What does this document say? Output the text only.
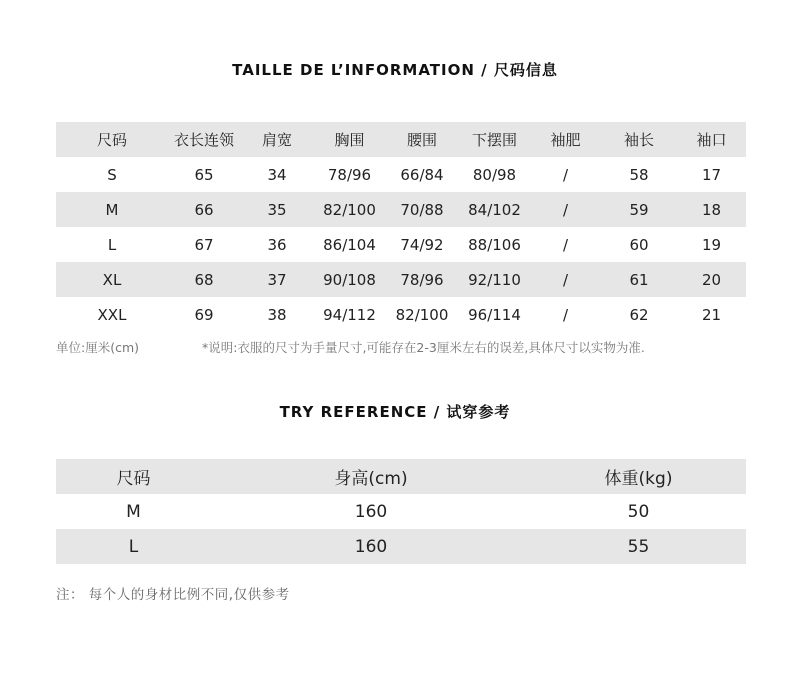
TAILLE DE L’INFORMATION / 尺码信息
尺码	衣长连领	肩宽	胸围	腰围	下摆围	袖肥	袖长	袖口
S	65	34	78/96	66/84	80/98	/	58	17
M	66	35	82/100	70/88	84/102	/	59	18
L	67	36	86/104	74/92	88/106	/	60	19
XL	68	37	90/108	78/96	92/110	/	61	20
XXL	69	38	94/112	82/100	96/114	/	62	21
单位:厘米(cm)	*说明:衣服的尺寸为手量尺寸,可能存在2-3厘米左右的误差,具体尺寸以实物为准.
TRY REFERENCE / 试穿参考
尺码	身高(cm)	体重(kg)
M	160	50
L	160	55
注： 每个人的身材比例不同,仅供参考
